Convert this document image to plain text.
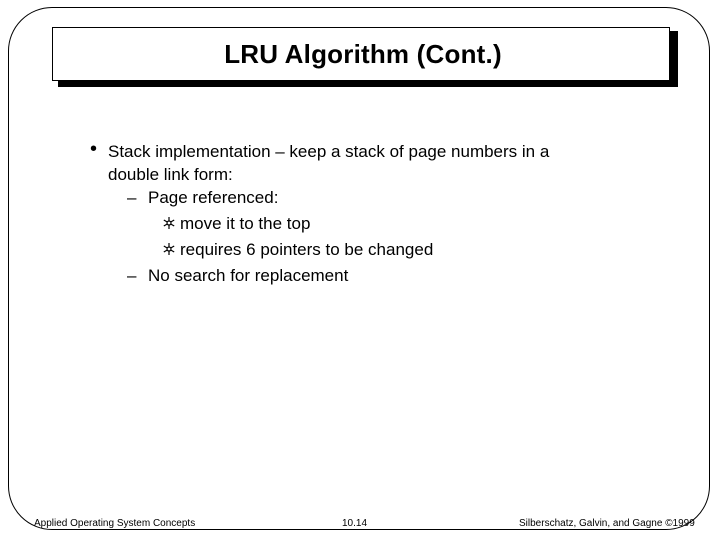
LRU Algorithm (Cont.)
• Stack implementation – keep a stack of page numbers in a
double link form:
– Page referenced:
move it to the top
requires 6 pointers to be changed
– No search for replacement
Applied Operating System Concepts	10.14	Silberschatz, Galvin, and Gagne ©1999
